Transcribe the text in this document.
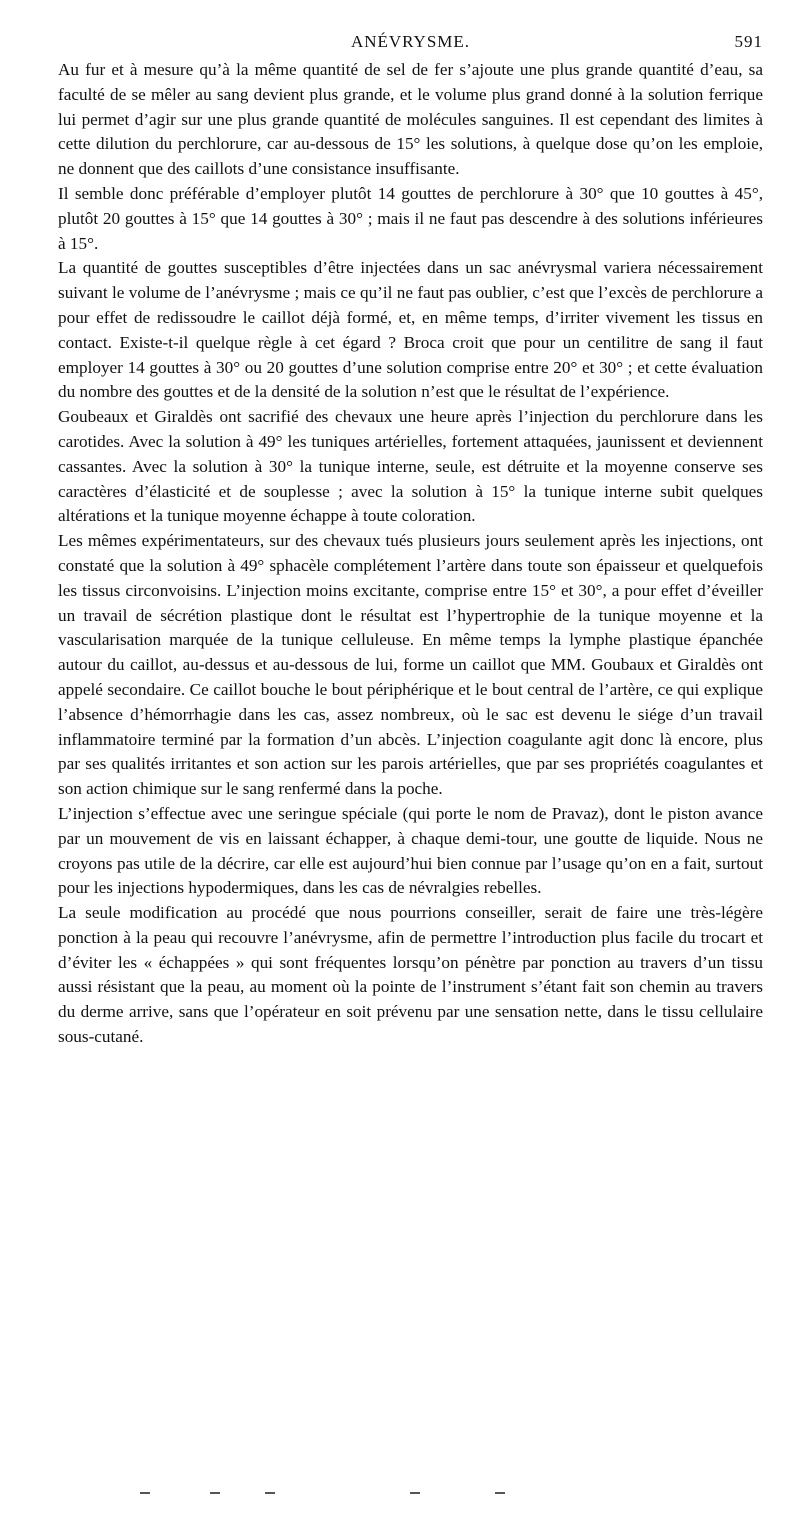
ANÉVRYSME.	591

Au fur et à mesure qu’à la même quantité de sel de fer s’ajoute une plus grande quantité d’eau, sa faculté de se mêler au sang devient plus grande, et le volume plus grand donné à la solution ferrique lui permet d’agir sur une plus grande quantité de molécules sanguines. Il est cependant des limites à cette dilution du perchlorure, car au-dessous de 15° les solutions, à quelque dose qu’on les emploie, ne donnent que des caillots d’une consistance insuffisante.

Il semble donc préférable d’employer plutôt 14 gouttes de perchlorure à 30° que 10 gouttes à 45°, plutôt 20 gouttes à 15° que 14 gouttes à 30° ; mais il ne faut pas descendre à des solutions inférieures à 15°.

La quantité de gouttes susceptibles d’être injectées dans un sac anévrysmal variera nécessairement suivant le volume de l’anévrysme ; mais ce qu’il ne faut pas oublier, c’est que l’excès de perchlorure a pour effet de redissoudre le caillot déjà formé, et, en même temps, d’irriter vivement les tissus en contact. Existe-t-il quelque règle à cet égard ? Broca croit que pour un centilitre de sang il faut employer 14 gouttes à 30° ou 20 gouttes d’une solution comprise entre 20° et 30° ; et cette évaluation du nombre des gouttes et de la densité de la solution n’est que le résultat de l’expérience.

Goubeaux et Giraldès ont sacrifié des chevaux une heure après l’injection du perchlorure dans les carotides. Avec la solution à 49° les tuniques artérielles, fortement attaquées, jaunissent et deviennent cassantes. Avec la solution à 30° la tunique interne, seule, est détruite et la moyenne conserve ses caractères d’élasticité et de souplesse ; avec la solution à 15° la tunique interne subit quelques altérations et la tunique moyenne échappe à toute coloration.

Les mêmes expérimentateurs, sur des chevaux tués plusieurs jours seulement après les injections, ont constaté que la solution à 49° sphacèle complétement l’artère dans toute son épaisseur et quelquefois les tissus circonvoisins. L’injection moins excitante, comprise entre 15° et 30°, a pour effet d’éveiller un travail de sécrétion plastique dont le résultat est l’hypertrophie de la tunique moyenne et la vascularisation marquée de la tunique celluleuse. En même temps la lymphe plastique épanchée autour du caillot, au-dessus et au-dessous de lui, forme un caillot que MM. Goubaux et Giraldès ont appelé secondaire. Ce caillot bouche le bout périphérique et le bout central de l’artère, ce qui explique l’absence d’hémorrhagie dans les cas, assez nombreux, où le sac est devenu le siége d’un travail inflammatoire terminé par la formation d’un abcès. L’injection coagulante agit donc là encore, plus par ses qualités irritantes et son action sur les parois artérielles, que par ses propriétés coagulantes et son action chimique sur le sang renfermé dans la poche.

L’injection s’effectue avec une seringue spéciale (qui porte le nom de Pravaz), dont le piston avance par un mouvement de vis en laissant échapper, à chaque demi-tour, une goutte de liquide. Nous ne croyons pas utile de la décrire, car elle est aujourd’hui bien connue par l’usage qu’on en a fait, surtout pour les injections hypodermiques, dans les cas de névralgies rebelles.

La seule modification au procédé que nous pourrions conseiller, serait de faire une très-légère ponction à la peau qui recouvre l’anévrysme, afin de permettre l’introduction plus facile du trocart et d’éviter les « échappées » qui sont fréquentes lorsqu’on pénètre par ponction au travers d’un tissu aussi résistant que la peau, au moment où la pointe de l’instrument s’étant fait son chemin au travers du derme arrive, sans que l’opérateur en soit prévenu par une sensation nette, dans le tissu cellulaire sous-cutané.
